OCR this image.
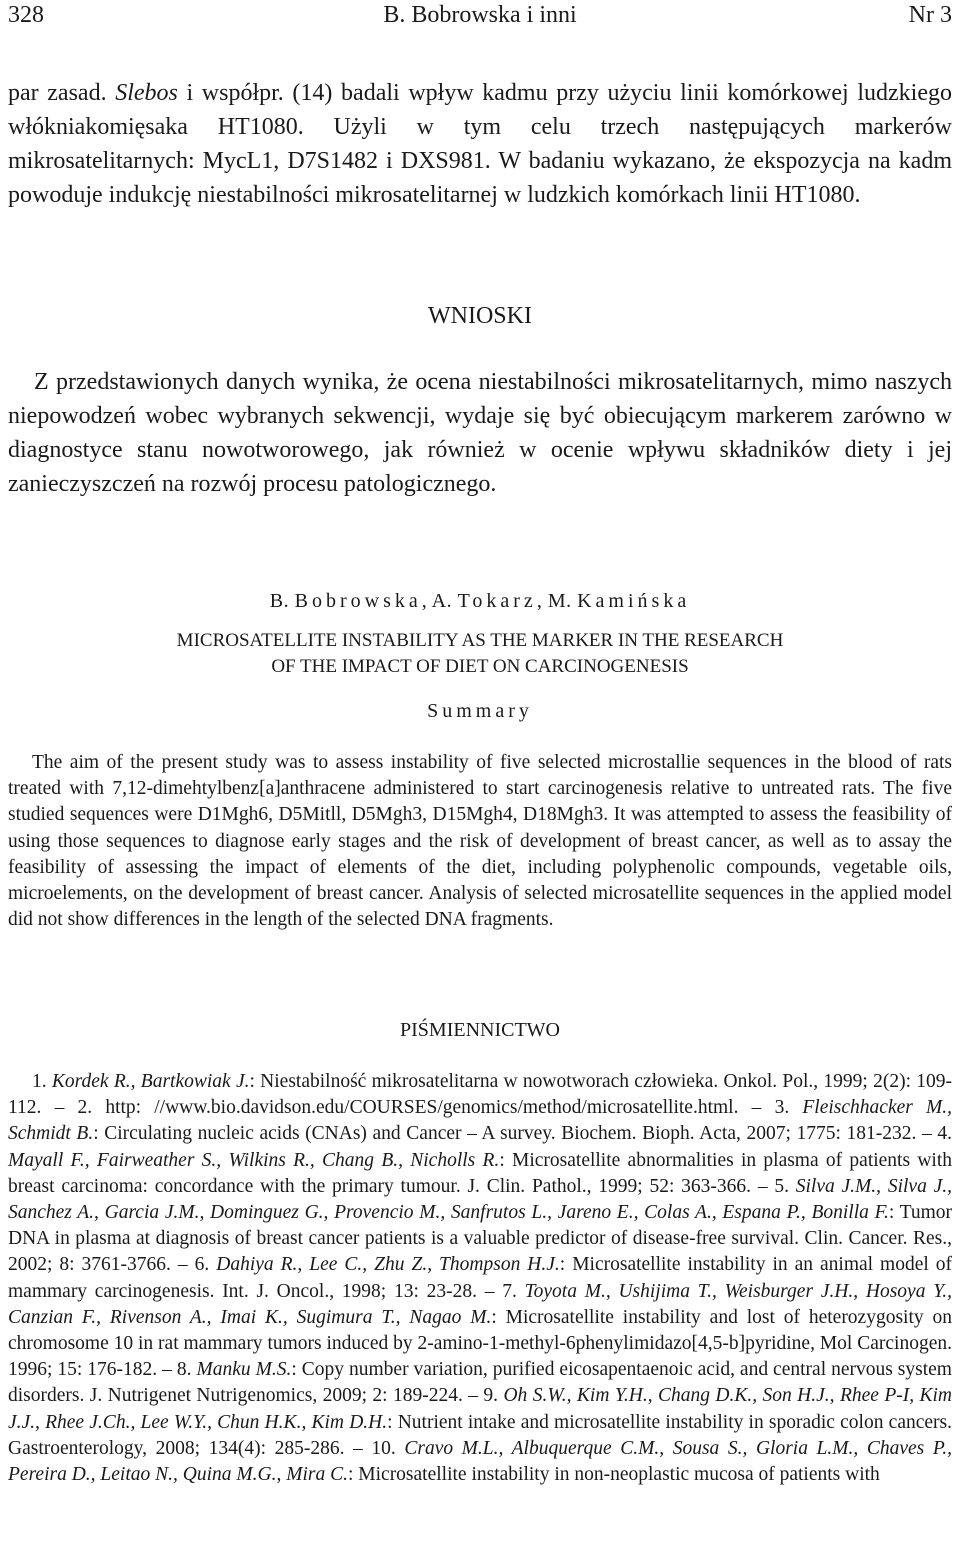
328	B. Bobrowska i inni	Nr 3
par zasad. Slebos i współpr. (14) badali wpływ kadmu przy użyciu linii komórkowej ludzkiego włókniakomięsaka HT1080. Użyli w tym celu trzech następujących markerów mikrosatelitarnych: MycL1, D7S1482 i DXS981. W badaniu wykazano, że ekspozycja na kadm powoduje indukcję niestabilności mikrosatelitarnej w ludzkich komórkach linii HT1080.
WNIOSKI
Z przedstawionych danych wynika, że ocena niestabilności mikrosatelitarnych, mimo naszych niepowodzeń wobec wybranych sekwencji, wydaje się być obiecującym markerem zarówno w diagnostyce stanu nowotworowego, jak również w ocenie wpływu składników diety i jej zanieczyszczeń na rozwój procesu patologicznego.
B. Bobrowska, A. Tokarz, M. Kamińska
MICROSATELLITE INSTABILITY AS THE MARKER IN THE RESEARCH
OF THE IMPACT OF DIET ON CARCINOGENESIS
Summary
The aim of the present study was to assess instability of five selected microstallie sequences in the blood of rats treated with 7,12-dimehtylbenz[a]anthracene administered to start carcinogenesis relative to untreated rats. The five studied sequences were D1Mgh6, D5Mitll, D5Mgh3, D15Mgh4, D18Mgh3. It was attempted to assess the feasibility of using those sequences to diagnose early stages and the risk of development of breast cancer, as well as to assay the feasibility of assessing the impact of elements of the diet, including polyphenolic compounds, vegetable oils, microelements, on the development of breast cancer. Analysis of selected microsatellite sequences in the applied model did not show differences in the length of the selected DNA fragments.
PIŚMIENNICTWO
1. Kordek R., Bartkowiak J.: Niestabilność mikrosatelitarna w nowotworach człowieka. Onkol. Pol., 1999; 2(2): 109-112. – 2. http: //www.bio.davidson.edu/COURSES/genomics/method/microsatellite.html. – 3. Fleischhacker M., Schmidt B.: Circulating nucleic acids (CNAs) and Cancer – A survey. Biochem. Bioph. Acta, 2007; 1775: 181-232. – 4. Mayall F., Fairweather S., Wilkins R., Chang B., Nicholls R.: Microsatellite abnormalities in plasma of patients with breast carcinoma: concordance with the primary tumour. J. Clin. Pathol., 1999; 52: 363-366. – 5. Silva J.M., Silva J., Sanchez A., Garcia J.M., Dominguez G., Provencio M., Sanfrutos L., Jareno E., Colas A., Espana P., Bonilla F.: Tumor DNA in plasma at diagnosis of breast cancer patients is a valuable predictor of disease-free survival. Clin. Cancer. Res., 2002; 8: 3761-3766. – 6. Dahiya R., Lee C., Zhu Z., Thompson H.J.: Microsatellite instability in an animal model of mammary carcinogenesis. Int. J. Oncol., 1998; 13: 23-28. – 7. Toyota M., Ushijima T., Weisburger J.H., Hosoya Y., Canzian F., Rivenson A., Imai K., Sugimura T., Nagao M.: Microsatellite instability and lost of heterozygosity on chromosome 10 in rat mammary tumors induced by 2-amino-1-methyl-6phenylimidazo[4,5-b]pyridine, Mol Carcinogen. 1996; 15: 176-182. – 8. Manku M.S.: Copy number variation, purified eicosapentaenoic acid, and central nervous system disorders. J. Nutrigenet Nutrigenomics, 2009; 2: 189-224. – 9. Oh S.W., Kim Y.H., Chang D.K., Son H.J., Rhee P-I, Kim J.J., Rhee J.Ch., Lee W.Y., Chun H.K., Kim D.H.: Nutrient intake and microsatellite instability in sporadic colon cancers. Gastroenterology, 2008; 134(4): 285-286. – 10. Cravo M.L., Albuquerque C.M., Sousa S., Gloria L.M., Chaves P., Pereira D., Leitao N., Quina M.G., Mira C.: Microsatellite instability in non-neoplastic mucosa of patients with
